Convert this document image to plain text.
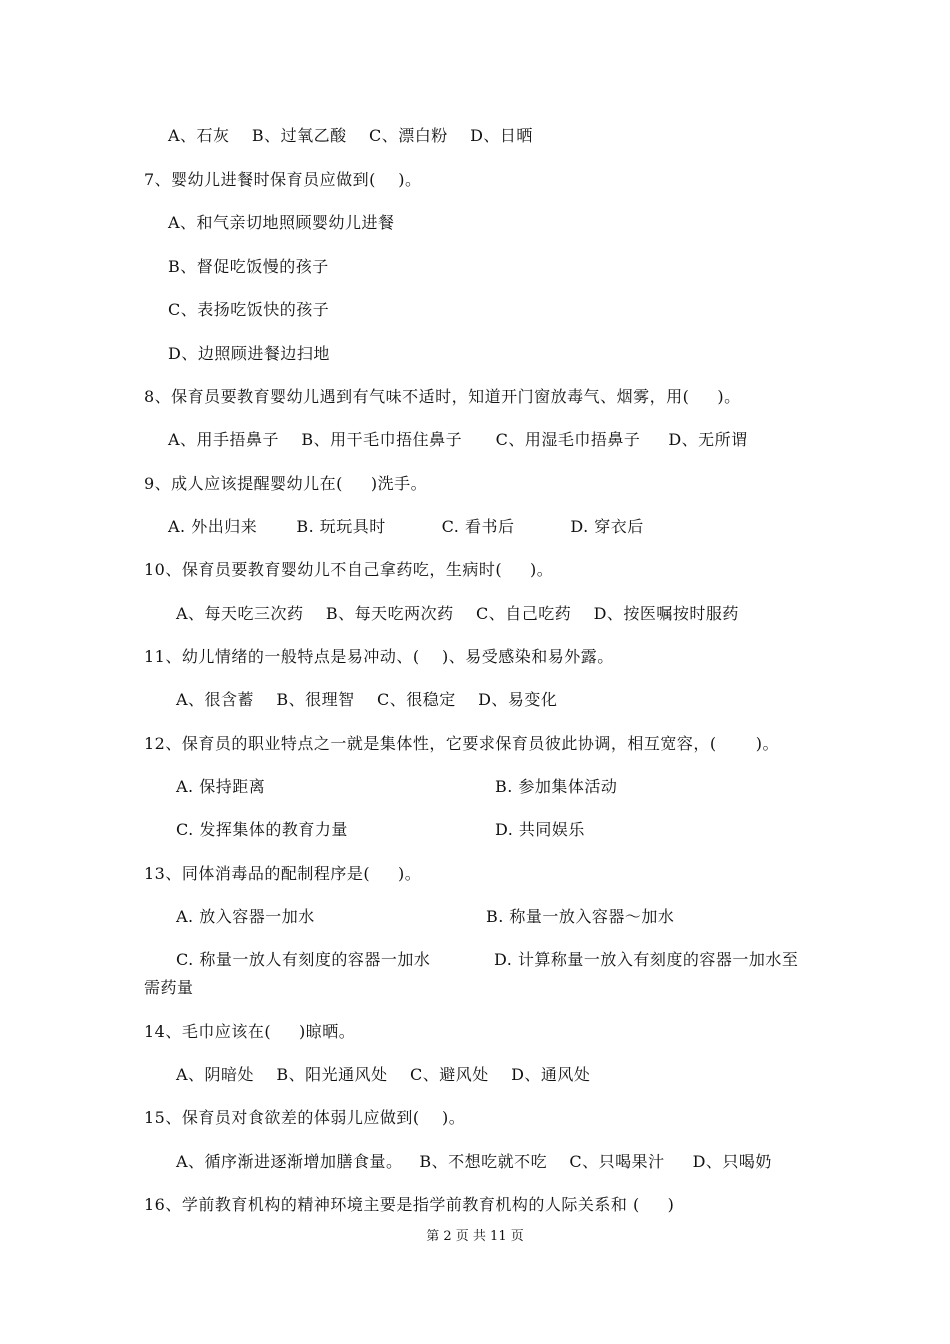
A、石灰    B、过氧乙酸    C、漂白粉    D、日晒
7、婴幼儿进餐时保育员应做到(    )。
A、和气亲切地照顾婴幼儿进餐
B、督促吃饭慢的孩子
C、表扬吃饭快的孩子
D、边照顾进餐边扫地
8、保育员要教育婴幼儿遇到有气味不适时，知道开门窗放毒气、烟雾，用(     )。
A、用手捂鼻子    B、用干毛巾捂住鼻子      C、用湿毛巾捂鼻子     D、无所谓
9、成人应该提醒婴幼儿在(     )洗手。
A. 外出归来       B. 玩玩具时          C. 看书后          D. 穿衣后
10、保育员要教育婴幼儿不自己拿药吃，生病时(     )。
A、每天吃三次药    B、每天吃两次药    C、自己吃药    D、按医嘱按时服药
11、幼儿情绪的一般特点是易冲动、(    )、易受感染和易外露。
A、很含蓄    B、很理智    C、很稳定    D、易变化
12、保育员的职业特点之一就是集体性，它要求保育员彼此协调，相互宽容，(       )。
A. 保持距离	B. 参加集体活动
C. 发挥集体的教育力量	D. 共同娱乐
13、同体消毒品的配制程序是(     )。
A. 放入容器一加水	B. 称量一放入容器～加水
C. 称量一放人有刻度的容器一加水	D. 计算称量一放入有刻度的容器一加水至
需药量
14、毛巾应该在(     )晾晒。
A、阴暗处    B、阳光通风处    C、避风处    D、通风处
15、保育员对食欲差的体弱儿应做到(    )。
A、循序渐进逐渐增加膳食量。   B、不想吃就不吃    C、只喝果汁     D、只喝奶
16、学前教育机构的精神环境主要是指学前教育机构的人际关系和 (     )
第 2 页 共 11 页
